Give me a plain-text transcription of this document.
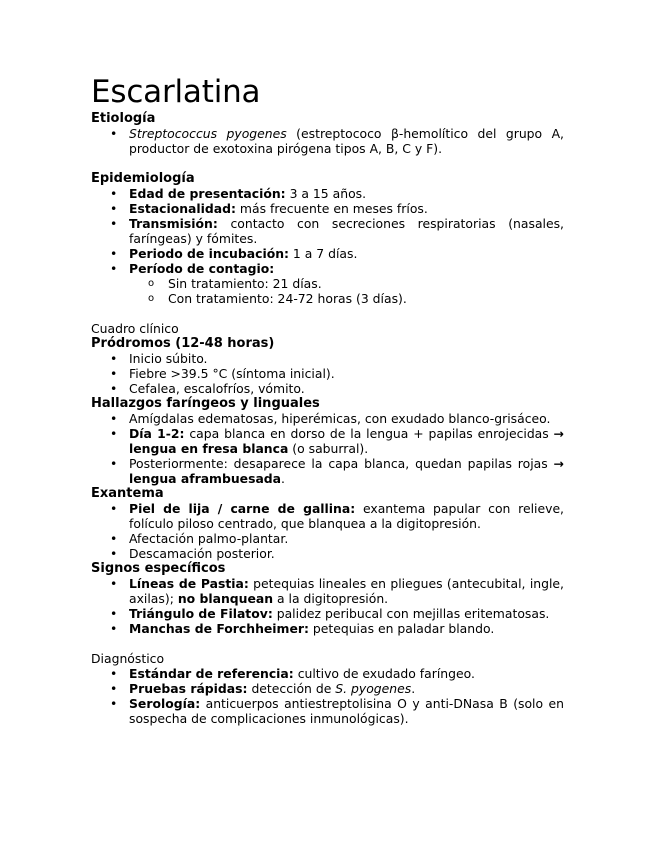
Escarlatina
Etiología
• Streptococcus pyogenes (estreptococo β-hemolítico del grupo A, productor de exotoxina pirógena tipos A, B, C y F).
Epidemiología
• Edad de presentación: 3 a 15 años.
• Estacionalidad: más frecuente en meses fríos.
• Transmisión: contacto con secreciones respiratorias (nasales, faríngeas) y fómites.
• Periodo de incubación: 1 a 7 días.
• Período de contagio:
o Sin tratamiento: 21 días.
o Con tratamiento: 24-72 horas (3 días).
Cuadro clínico
Pródromos (12-48 horas)
• Inicio súbito.
• Fiebre >39.5 °C (síntoma inicial).
• Cefalea, escalofríos, vómito.
Hallazgos faríngeos y linguales
• Amígdalas edematosas, hiperémicas, con exudado blanco-grisáceo.
• Día 1-2: capa blanca en dorso de la lengua + papilas enrojecidas → lengua en fresa blanca (o saburral).
• Posteriormente: desaparece la capa blanca, quedan papilas rojas → lengua aframbuesada.
Exantema
• Piel de lija / carne de gallina: exantema papular con relieve, folículo piloso centrado, que blanquea a la digitopresión.
• Afectación palmo-plantar.
• Descamación posterior.
Signos específicos
• Líneas de Pastia: petequias lineales en pliegues (antecubital, ingle, axilas); no blanquean a la digitopresión.
• Triángulo de Filatov: palidez peribucal con mejillas eritematosas.
• Manchas de Forchheimer: petequias en paladar blando.
Diagnóstico
• Estándar de referencia: cultivo de exudado faríngeo.
• Pruebas rápidas: detección de S. pyogenes.
• Serología: anticuerpos antiestreptolisina O y anti-DNasa B (solo en sospecha de complicaciones inmunológicas).
